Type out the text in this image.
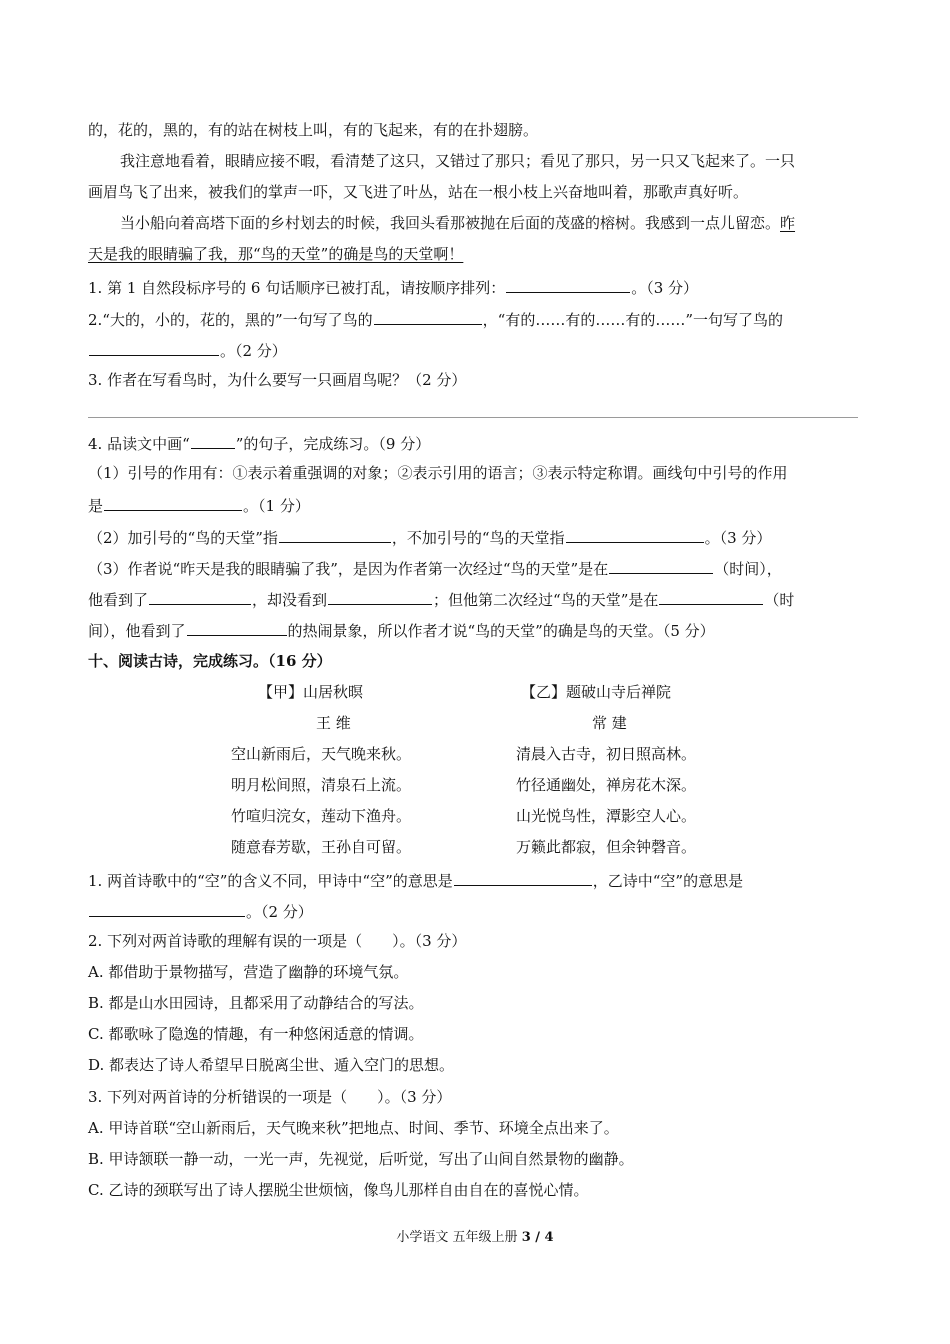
的，花的，黑的，有的站在树枝上叫，有的飞起来，有的在扑翅膀。
我注意地看着，眼睛应接不暇，看清楚了这只，又错过了那只；看见了那只，另一只又飞起来了。一只
画眉鸟飞了出来，被我们的掌声一吓，又飞进了叶丛，站在一根小枝上兴奋地叫着，那歌声真好听。
当小船向着高塔下面的乡村划去的时候，我回头看那被抛在后面的茂盛的榕树。我感到一点儿留恋。昨
天是我的眼睛骗了我，那“鸟的天堂”的确是鸟的天堂啊！
1. 第 1 自然段标序号的 6 句话顺序已被打乱，请按顺序排列：	。（3 分）
2.“大的，小的，花的，黑的”一句写了鸟的	，“有的……有的……有的……”一句写了鸟的
。（2 分）
3. 作者在写看鸟时，为什么要写一只画眉鸟呢？（2 分）
4. 品读文中画“	”的句子，完成练习。（9 分）
（1）引号的作用有：①表示着重强调的对象；②表示引用的语言；③表示特定称谓。画线句中引号的作用
是	。（1 分）
（2）加引号的“鸟的天堂”指	，不加引号的“鸟的天堂指	。（3 分）
（3）作者说“昨天是我的眼睛骗了我”，是因为作者第一次经过“鸟的天堂”是在	（时间），
他看到了	，却没看到	；但他第二次经过“鸟的天堂”是在	（时
间），他看到了	的热闹景象，所以作者才说“鸟的天堂”的确是鸟的天堂。（5 分）
十、阅读古诗，完成练习。（16 分）
【甲】山居秋暝	【乙】题破山寺后禅院
王 维	常 建
空山新雨后，天气晚来秋。
明月松间照，清泉石上流。
竹喧归浣女，莲动下渔舟。
随意春芳歇，王孙自可留。
清晨入古寺，初日照高林。
竹径通幽处，禅房花木深。
山光悦鸟性，潭影空人心。
万籁此都寂，但余钟磬音。
1. 两首诗歌中的“空”的含义不同，甲诗中“空”的意思是	，乙诗中“空”的意思是
。（2 分）
2. 下列对两首诗歌的理解有误的一项是（　　）。（3 分）
A. 都借助于景物描写，营造了幽静的环境气氛。
B. 都是山水田园诗，且都采用了动静结合的写法。
C. 都歌咏了隐逸的情趣，有一种悠闲适意的情调。
D. 都表达了诗人希望早日脱离尘世、遁入空门的思想。
3. 下列对两首诗的分析错误的一项是（　　）。（3 分）
A. 甲诗首联“空山新雨后，天气晚来秋”把地点、时间、季节、环境全点出来了。
B. 甲诗颔联一静一动，一光一声，先视觉，后听觉，写出了山间自然景物的幽静。
C. 乙诗的颈联写出了诗人摆脱尘世烦恼，像鸟儿那样自由自在的喜悦心情。
小学语文 五年级上册 3 / 4
